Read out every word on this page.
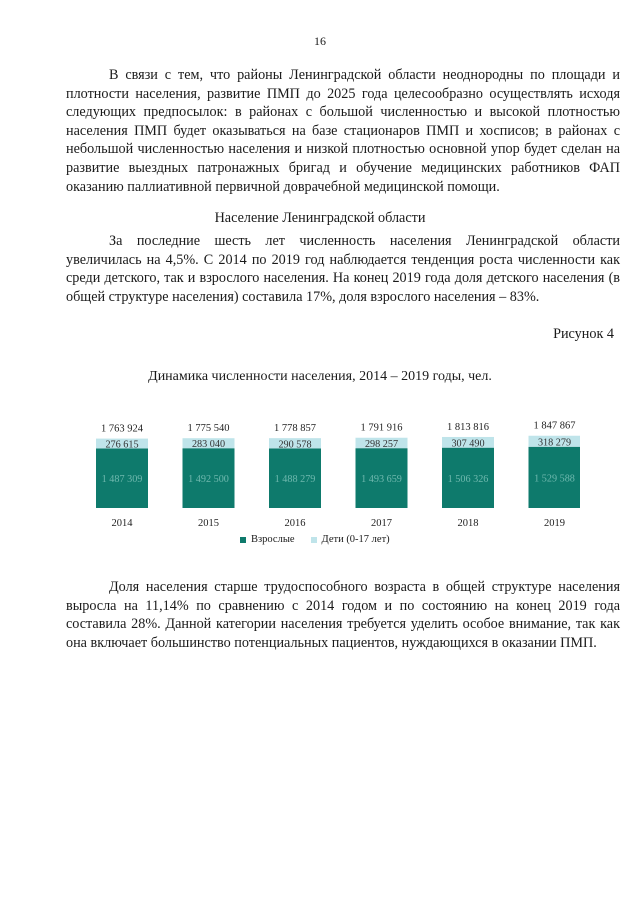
16

В связи с тем, что районы Ленинградской области неоднородны по площади и плотности населения, развитие ПМП до 2025 года целесообразно осуществлять исходя следующих предпосылок: в районах с большой численностью и высокой плотностью населения ПМП будет оказываться на базе стационаров ПМП и хосписов; в районах с небольшой численностью населения и низкой плотностью основной упор будет сделан на развитие выездных патронажных бригад и обучение медицинских работников ФАП оказанию паллиативной первичной доврачебной медицинской помощи.

Население Ленинградской области

За последние шесть лет численность населения Ленинградской области увеличилась на 4,5%. С 2014 по 2019 год наблюдается тенденция роста численности как среди детского, так и взрослого населения. На конец 2019 года доля детского населения (в общей структуре населения) составила 17%, доля взрослого населения – 83%.

Рисунок 4
Динамика численности населения, 2014 – 2019 годы, чел.
1 487 309
276 615
1 763 924
2014
1 492 500
283 040
1 775 540
2015
1 488 279
290 578
1 778 857
2016
1 493 659
298 257
1 791 916
2017
1 506 326
307 490
1 813 816
2018
1 529 588
318 279
1 847 867
2019
Взрослые	Дети (0-17 лет)

Доля населения старше трудоспособного возраста в общей структуре населения выросла на 11,14% по сравнению с 2014 годом и по состоянию на конец 2019 года составила 28%. Данной категории населения требуется уделить особое внимание, так как она включает большинство потенциальных пациентов, нуждающихся в оказании ПМП.
